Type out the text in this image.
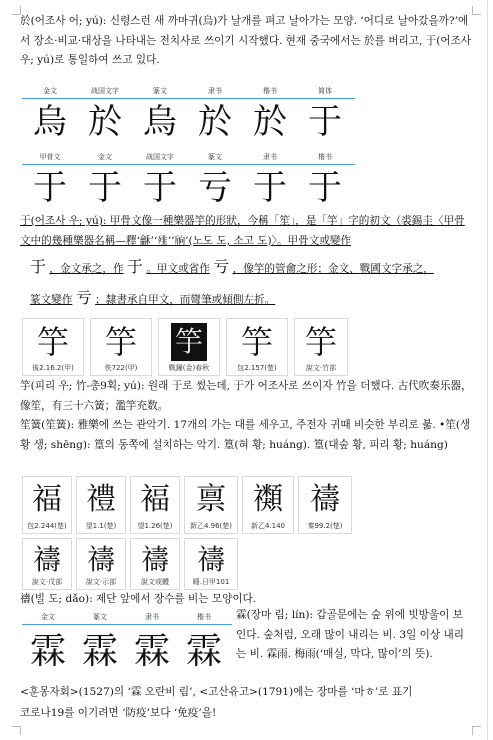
於(어조사 어; yú): 신령스런 새 까마귀(烏)가 날개를 펴고 날아가는 모양. ‘어디로 날아갔을까?’에서 장소·비교·대상을 나타내는 전치사로 쓰이기 시작했다. 현재 중국에서는 於를 버리고, 于(어조사 우; yú)로 통일하여 쓰고 있다.
金文	战国文字	篆文	隶书	楷书	简体
烏 於 烏 於 於 于
甲骨文	金文	战国文字	篆文	隶书	楷书
于 于 于 亏 于 于
于(어조사 우; yú): 甲骨文像一種樂器竽的形狀，今稱「笙」，是「竽」字的初文（裘錫圭〈甲骨文中的幾種樂器名稱—釋‘龢’‘𩐁’‘𣂝’(노도 도, 소고 도)〉。甲骨文或變作
于 ，金文承之，作 于 。甲文或省作 亏 ，像竽的管龠之形；金文、戰國文字承之，
篆文變作 亏 ；隸書承自甲文，而彎筆或傾側左折。
竽
後2.16.2(甲)
竽
佚722(甲)
竽
戰鐘(金)春秋
竽
包2.157(楚)
竽
說文·竹部
竽(피리 우; 竹-총9획; yú): 원래 于로 썼는데, 于가 어조사로 쓰이자 竹을 더했다. 古代吹奏乐器，像笙，有三十六簧；濫竽充数。
笙簧(笙簧): 雅樂에 쓰는 관악기. 17개의 가는 대를 세우고, 주전자 귀때 비슷한 부리로 붊. •笙(생황 생; shēng): 篁의 동쪽에 설치하는 악기. 篁(혀 황; huáng). 篁(대숲 황, 피리 황; huáng)
福
包2.244(楚)
禮
望1.1(楚)
褔
望1.26(楚)
禀
新乙4.96(楚)
禷
新乙4.140
禱
秦99.2(楚)
禱
說文·戊部
禱
說文·示部
禱
說文或體
禱
睡.日甲101
禱(빌 도; dǎo): 제단 앞에서 장수를 비는 모양이다.
金文	篆文	隶书	楷书
霖 霖 霖 霖
霖(장마 림; lín): 갑골문에는 숲 위에 빗방울이 보인다. 숲처럼, 오래 많이 내리는 비. 3일 이상 내리는 비. 霖雨. 梅雨(‘매실, 막다, 많이’의 뜻).
<훈몽자회>(1527)의 ‘霖 오란비 림’, <고산유고>(1791)에는 장마를 ‘마ㅎ’로 표기
코로나19를 이기려면 ‘防疫’보다 ‘免疫’을!
